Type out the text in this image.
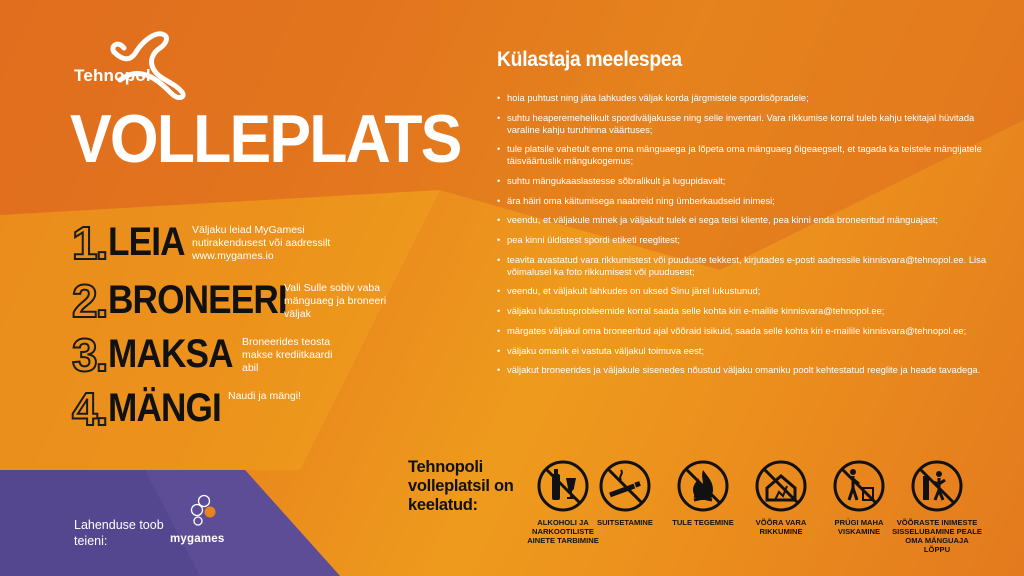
Tehnopol
VOLLEPLATS
1. LEIA Väljaku leiad MyGamesi nutirakendusest või aadressilt www.mygames.io
2. BRONEERI
Vali Sulle sobiv vaba mänguaeg ja broneeri väljak
3. MAKSA Broneerides teosta makse krediitkaardi abil
4. MÄNGI Naudi ja mängi!
Lahenduse toob teieni:	mygames
Külastaja meelespea
• hoia puhtust ning jäta lahkudes väljak korda järgmistele spordisõpradele;
• suhtu heaperemehelikult spordiväljakusse ning selle inventari. Vara rikkumise korral tuleb kahju tekitajal hüvitada varaline kahju turuhinna väärtuses;
• tule platsile vahetult enne oma mänguaega ja lõpeta oma mänguaeg õigeaegselt, et tagada ka teistele mängijatele täisväärtuslik mängukogemus;
• suhtu mängukaaslastesse sõbralikult ja lugupidavalt;
• ära häiri oma käitumisega naabreid ning ümberkaudseid inimesi;
• veendu, et väljakule minek ja väljakult tulek ei sega teisi kliente, pea kinni enda broneeritud mänguajast;
• pea kinni üldistest spordi etiketi reeglitest;
• teavita avastatud vara rikkumistest või puuduste tekkest, kirjutades e-posti aadressile kinnisvara@tehnopol.ee. Lisa võimalusel ka foto rikkumisest või puudusest;
• veendu, et väljakult lahkudes on uksed Sinu järel lukustunud;
• väljaku lukustusprobleemide korral saada selle kohta kiri e-mailile kinnisvara@tehnopol.ee;
• märgates väljakul oma broneeritud ajal võõraid isikuid, saada selle kohta kiri e-mailile kinnisvara@tehnopol.ee;
• väljaku omanik ei vastuta väljakul toimuva eest;
• väljakut broneerides ja väljakule sisenedes nõustud väljaku omaniku poolt kehtestatud reeglite ja heade tavadega.
Tehnopoli volleplatsil on keelatud:
ALKOHOLI JA NARKOOTILISTE AINETE TARBIMINE
SUITSETAMINE	TULE TEGEMINE	VÕÕRA VARA RIKKUMINE
PRÜGI MAHA VISKAMINE
VÕÕRASTE INIMESTE SISSELUBAMINE PEALE OMA MÄNGUAJA LÕPPU
